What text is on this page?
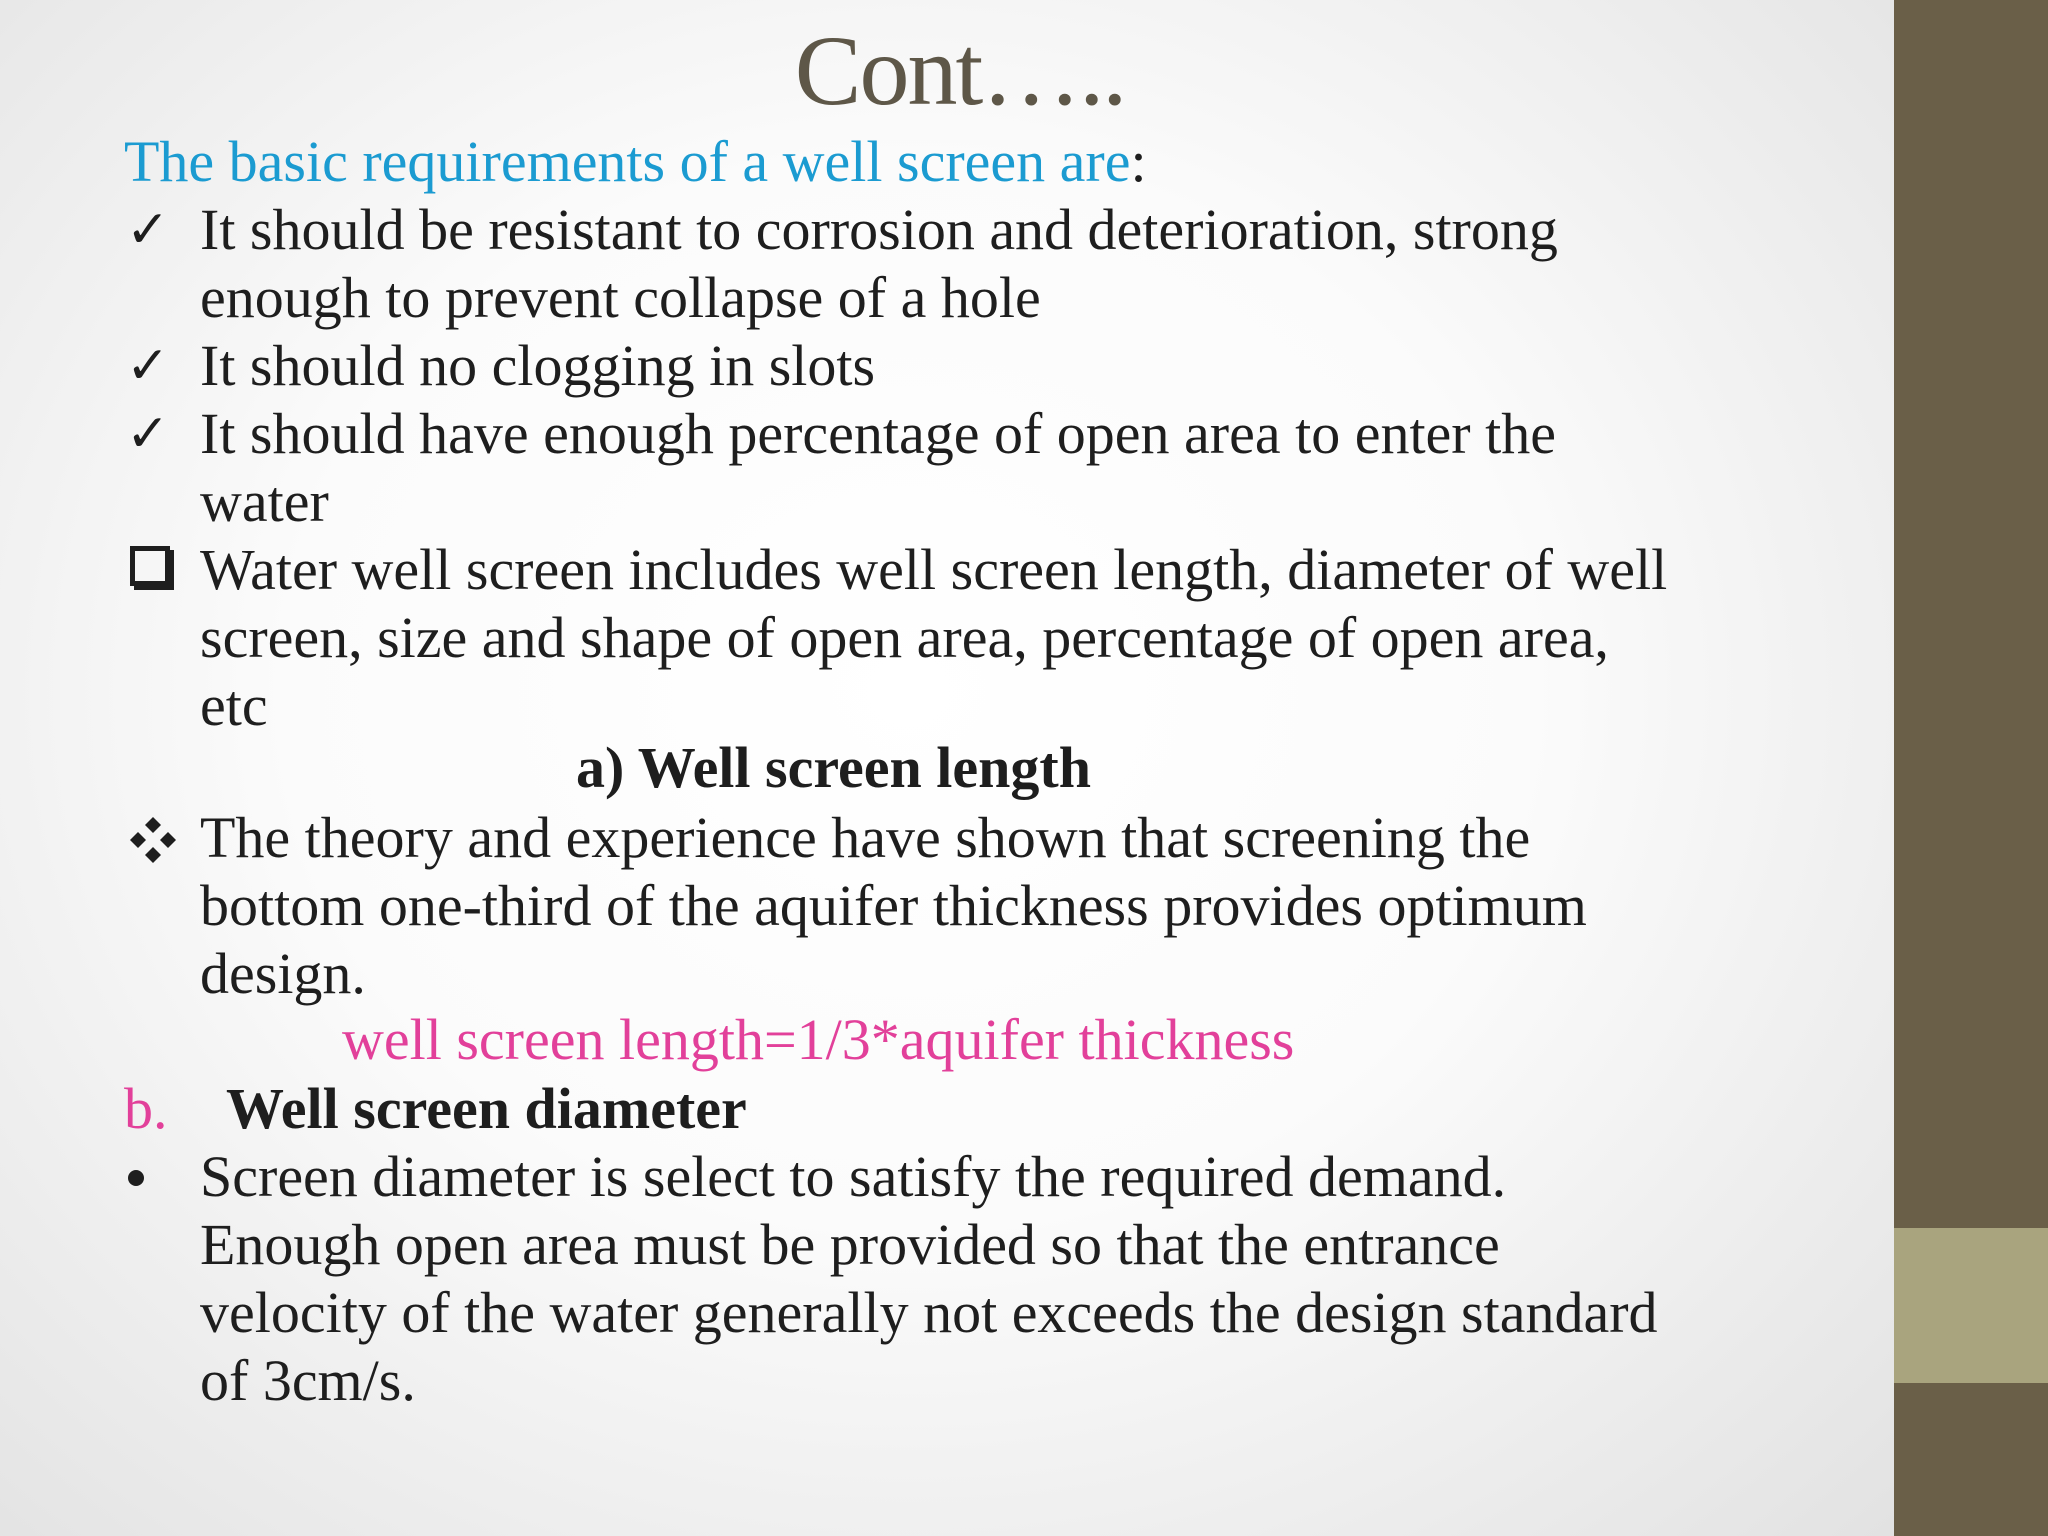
Cont…..
The basic requirements of a well screen are:
✓ It should be resistant to corrosion and deterioration, strong
enough to prevent collapse of a hole
✓ It should no clogging in slots
✓ It should have enough percentage of open area to enter the
water
Water well screen includes well screen length, diameter of well
screen, size and shape of open area, percentage of open area,
etc
a) Well screen length
The theory and experience have shown that screening the
bottom one-third of the aquifer thickness provides optimum
design.
well screen length=1/3*aquifer thickness
b. Well screen diameter
Screen diameter is select to satisfy the required demand.
Enough open area must be provided so that the entrance
velocity of the water generally not exceeds the design standard
of 3cm/s.
